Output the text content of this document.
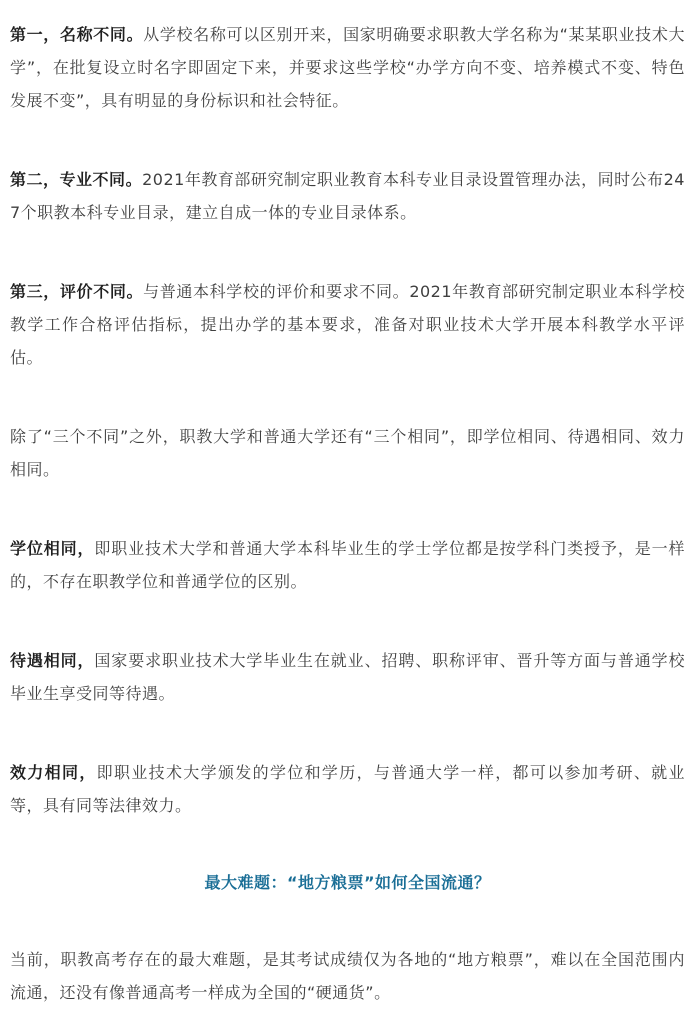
第一，名称不同。从学校名称可以区别开来，国家明确要求职教大学名称为“某某职业技术大学”，在批复设立时名字即固定下来，并要求这些学校“办学方向不变、培养模式不变、特色发展不变”，具有明显的身份标识和社会特征。

第二，专业不同。2021年教育部研究制定职业教育本科专业目录设置管理办法，同时公布247个职教本科专业目录，建立自成一体的专业目录体系。

第三，评价不同。与普通本科学校的评价和要求不同。2021年教育部研究制定职业本科学校教学工作合格评估指标，提出办学的基本要求，准备对职业技术大学开展本科教学水平评估。

除了“三个不同”之外，职教大学和普通大学还有“三个相同”，即学位相同、待遇相同、效力相同。

学位相同，即职业技术大学和普通大学本科毕业生的学士学位都是按学科门类授予，是一样的，不存在职教学位和普通学位的区别。

待遇相同，国家要求职业技术大学毕业生在就业、招聘、职称评审、晋升等方面与普通学校毕业生享受同等待遇。

效力相同，即职业技术大学颁发的学位和学历，与普通大学一样，都可以参加考研、就业等，具有同等法律效力。

最大难题：“地方粮票”如何全国流通？

当前，职教高考存在的最大难题，是其考试成绩仅为各地的“地方粮票”，难以在全国范围内流通，还没有像普通高考一样成为全国的“硬通货”。
